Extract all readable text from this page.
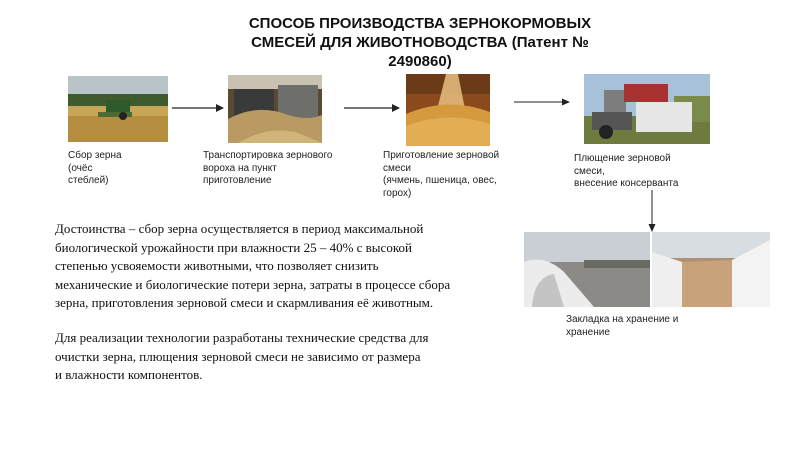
СПОСОБ ПРОИЗВОДСТВА ЗЕРНОКОРМОВЫХ
СМЕСЕЙ ДЛЯ ЖИВОТНОВОДСТВА (Патент №
2490860)
Сбор зерна
(очёс
стеблей)
Транспортировка зернового
вороха на пункт
приготовление
Приготовление зерновой
смеси
(ячмень, пшеница, овес,
горох)
Плющение зерновой
смеси,
внесение консерванта
Закладка на хранение и
хранение
Достоинства – сбор зерна осуществляется в период максимальной
биологической урожайности при влажности 25 – 40% с высокой
степенью усвояемости животными, что позволяет снизить
механические и биологические потери зерна, затраты в процессе сбора
зерна, приготовления зерновой смеси и скармливания её животным.
Для реализации технологии разработаны технические средства для
очистки зерна, плющения зерновой смеси не зависимо от размера
и влажности компонентов.
